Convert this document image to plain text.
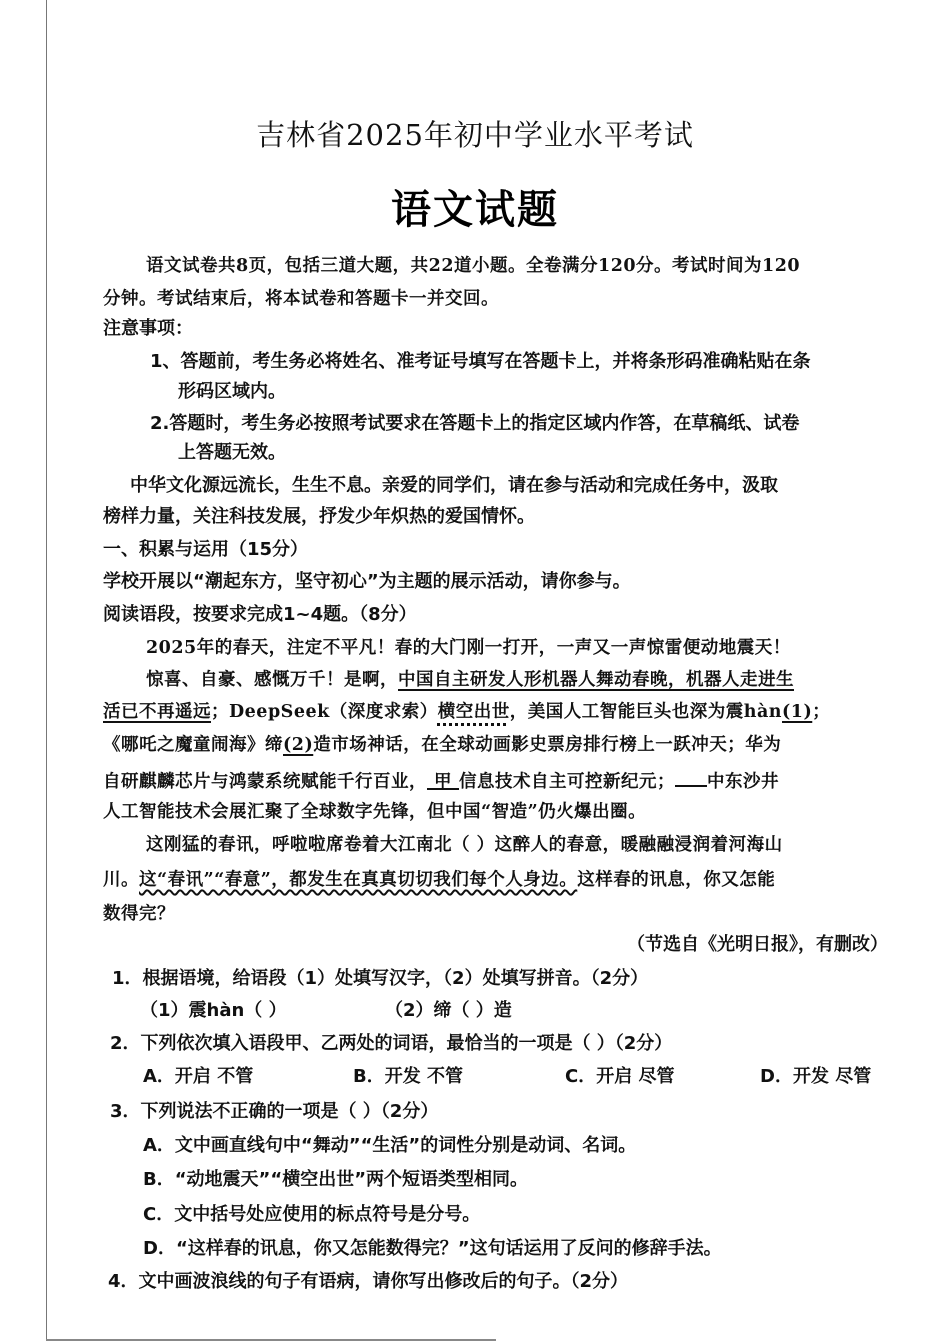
吉林省2025年初中学业水平考试
语文试题
语文试卷共8页，包括三道大题，共22道小题。全卷满分120分。考试时间为120
分钟。考试结束后，将本试卷和答题卡一并交回。
注意事项：
1、答题前，考生务必将姓名、准考证号填写在答题卡上，并将条形码准确粘贴在条
形码区域内。
2.答题时，考生务必按照考试要求在答题卡上的指定区域内作答，在草稿纸、试卷
上答题无效。
中华文化源远流长，生生不息。亲爱的同学们，请在参与活动和完成任务中，汲取
榜样力量，关注科技发展，抒发少年炽热的爱国情怀。
一、积累与运用（15分）
学校开展以“潮起东方，坚守初心”为主题的展示活动，请你参与。
阅读语段，按要求完成1~4题。（8分）
2025年的春天，注定不平凡！春的大门刚一打开，一声又一声惊雷便动地震天！
惊喜、自豪、感慨万千！是啊，中国自主研发人形机器人舞动春晚，机器人走进生
活已不再遥远；DeepSeek（深度求索）横空出世，美国人工智能巨头也深为震hàn(1)；
《哪吒之魔童闹海》缔(2)造市场神话，在全球动画影史票房排行榜上一跃冲天；华为
自研麒麟芯片与鸿蒙系统赋能千行百业， 甲 信息技术自主可控新纪元； 中东沙井
人工智能技术会展汇聚了全球数字先锋，但中国“智造”仍火爆出圈。
这刚猛的春讯，呼啦啦席卷着大江南北（ ）这醉人的春意，暖融融浸润着河海山
川。这“春讯”“春意”，都发生在真真切切我们每个人身边。这样春的讯息，你又怎能
数得完？
（节选自《光明日报》，有删改）
1．根据语境，给语段（1）处填写汉字，（2）处填写拼音。（2分）
（1）震hàn（ ）	（2）缔（ ）造
2．下列依次填入语段甲、乙两处的词语，最恰当的一项是（ ）（2分）
A．开启 不管	B．开发 不管	C．开启 尽管	D．开发 尽管
3．下列说法不正确的一项是（ ）（2分）
A．文中画直线句中“舞动”“生活”的词性分别是动词、名词。
B．“动地震天”“横空出世”两个短语类型相同。
C．文中括号处应使用的标点符号是分号。
D．“这样春的讯息，你又怎能数得完？”这句话运用了反问的修辞手法。
4．文中画波浪线的句子有语病，请你写出修改后的句子。（2分）
